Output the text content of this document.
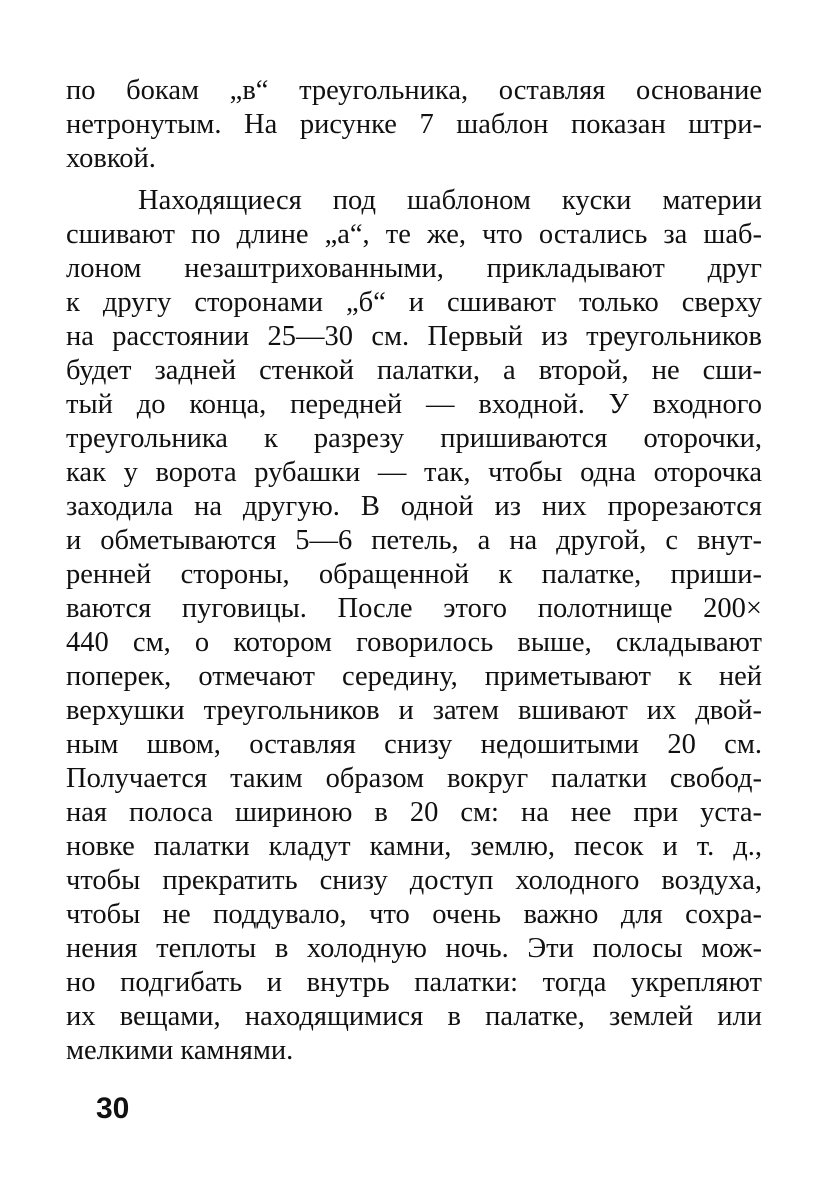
по бокам „в“ треугольника, оставляя основание
нетронутым. На рисунке 7 шаблон показан штри-
ховкой.
Находящиеся под шаблоном куски материи
сшивают по длине „а“, те же, что остались за шаб-
лоном незаштрихованными, прикладывают друг
к другу сторонами „б“ и сшивают только сверху
на расстоянии 25—30 см. Первый из треугольников
будет задней стенкой палатки, а второй, не сши-
тый до конца, передней — входной. У входного
треугольника к разрезу пришиваются оторочки,
как у ворота рубашки — так, чтобы одна оторочка
заходила на другую. В одной из них прорезаются
и обметываются 5—6 петель, а на другой, с внут-
ренней стороны, обращенной к палатке, приши-
ваются пуговицы. После этого полотнище 200×
440 см, о котором говорилось выше, складывают
поперек, отмечают середину, приметывают к ней
верхушки треугольников и затем вшивают их двой-
ным швом, оставляя снизу недошитыми 20 см.
Получается таким образом вокруг палатки свобод-
ная полоса шириною в 20 см: на нее при уста-
новке палатки кладут камни, землю, песок и т. д.,
чтобы прекратить снизу доступ холодного воздуха,
чтобы не поддувало, что очень важно для сохра-
нения теплоты в холодную ночь. Эти полосы мож-
но подгибать и внутрь палатки: тогда укрепляют
их вещами, находящимися в палатке, землей или
мелкими камнями.
30
